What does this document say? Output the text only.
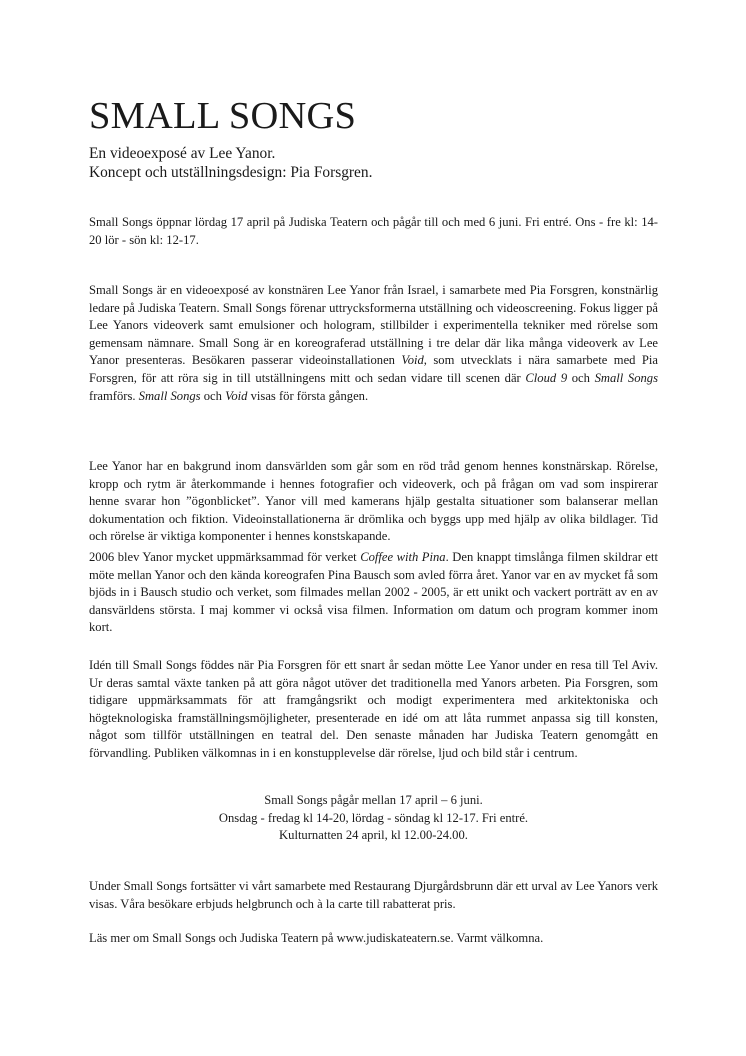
SMALL SONGS

En videoexposé av Lee Yanor.

Koncept och utställningsdesign: Pia Forsgren.

Small Songs öppnar lördag 17 april på Judiska Teatern och pågår till och med 6 juni. Fri entré. Ons - fre kl: 14-20 lör - sön kl: 12-17.

Small Songs är en videoexposé av konstnären Lee Yanor från Israel, i samarbete med Pia Forsgren, konstnärlig ledare på Judiska Teatern. Small Songs förenar uttrycksformerna utställning och videoscreening. Fokus ligger på Lee Yanors videoverk samt emulsioner och hologram, stillbilder i experimentella tekniker med rörelse som gemensam nämnare. Small Song är en koreograferad utställning i tre delar där lika många videoverk av Lee Yanor presenteras. Besökaren passerar videoinstallationen Void, som utvecklats i nära samarbete med Pia Forsgren, för att röra sig in till utställningens mitt och sedan vidare till scenen där Cloud 9 och Small Songs framförs. Small Songs och Void visas för första gången.

Lee Yanor har en bakgrund inom dansvärlden som går som en röd tråd genom hennes konstnärskap. Rörelse, kropp och rytm är återkommande i hennes fotografier och videoverk, och på frågan om vad som inspirerar henne svarar hon ”ögonblicket”. Yanor vill med kamerans hjälp gestalta situationer som balanserar mellan dokumentation och fiktion. Videoinstallationerna är drömlika och byggs upp med hjälp av olika bildlager. Tid och rörelse är viktiga komponenter i hennes konstskapande.

2006 blev Yanor mycket uppmärksammad för verket Coffee with Pina. Den knappt timslånga filmen skildrar ett möte mellan Yanor och den kända koreografen Pina Bausch som avled förra året. Yanor var en av mycket få som bjöds in i Bausch studio och verket, som filmades mellan 2002 - 2005, är ett unikt och vackert porträtt av en av dansvärldens största. I maj kommer vi också visa filmen. Information om datum och program kommer inom kort.

Idén till Small Songs föddes när Pia Forsgren för ett snart år sedan mötte Lee Yanor under en resa till Tel Aviv. Ur deras samtal växte tanken på att göra något utöver det traditionella med Yanors arbeten. Pia Forsgren, som tidigare uppmärksammats för att framgångsrikt och modigt experimentera med arkitektoniska och högteknologiska framställningsmöjligheter, presenterade en idé om att låta rummet anpassa sig till konsten, något som tillför utställningen en teatral del. Den senaste månaden har Judiska Teatern genomgått en förvandling. Publiken välkomnas in i en konstupplevelse där rörelse, ljud och bild står i centrum.

Small Songs pågår mellan 17 april – 6 juni.
Onsdag - fredag kl 14-20, lördag - söndag kl 12-17. Fri entré.
Kulturnatten 24 april, kl 12.00-24.00.

Under Small Songs fortsätter vi vårt samarbete med Restaurang Djurgårdsbrunn där ett urval av Lee Yanors verk visas. Våra besökare erbjuds helgbrunch och à la carte till rabatterat pris.

Läs mer om Small Songs och Judiska Teatern på www.judiskateatern.se. Varmt välkomna.
